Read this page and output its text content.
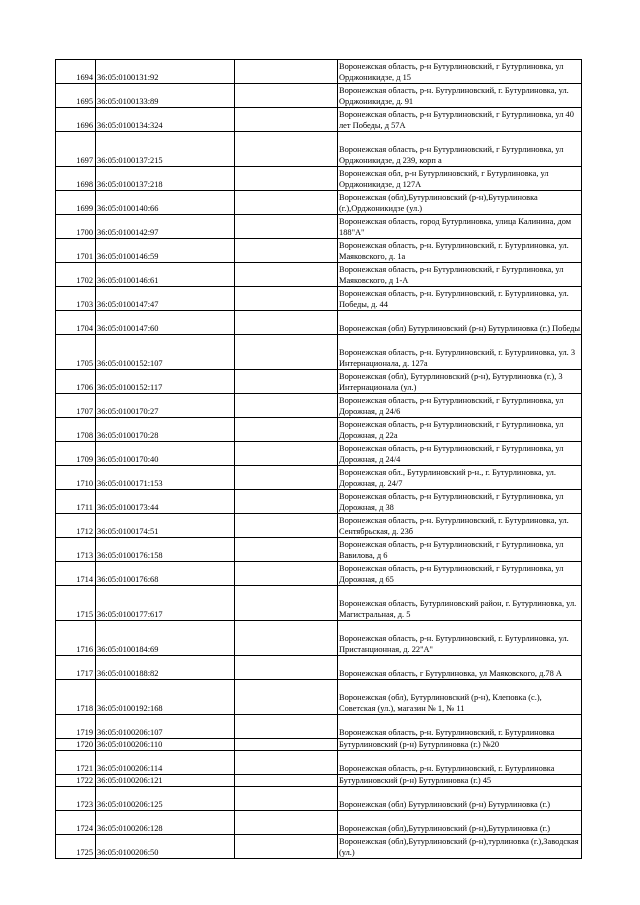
1694	36:05:0100131:92		Воронежская область, р-н Бутурлиновский, г Бутурлиновка, ул Орджоникидзе, д 15
1695	36:05:0100133:89		Воронежская область, р-н. Бутурлиновский, г. Бутурлиновка, ул. Орджоникидзе, д. 91
1696	36:05:0100134:324		Воронежская область, р-н Бутурлиновский, г Бутурлиновка, ул 40 лет Победы, д 57А
1697	36:05:0100137:215		Воронежская область, р-н Бутурлиновский, г Бутурлиновка, ул Орджоникидзе, д 239, корп а
1698	36:05:0100137:218		Воронежская обл, р-н Бутурлиновский, г Бутурлиновка, ул Орджоникидзе, д 127А
1699	36:05:0100140:66		Воронежская (обл),Бутурлиновский (р-н),Бутурлиновка (г.),Орджоникидзе (ул.)
1700	36:05:0100142:97		Воронежская область, город Бутурлиновка, улица Калинина, дом 188"А"
1701	36:05:0100146:59		Воронежская область, р-н. Бутурлиновский, г. Бутурлиновка, ул. Маяковского, д. 1а
1702	36:05:0100146:61		Воронежская область, р-н Бутурлиновский, г Бутурлиновка, ул Маяковского, д 1-А
1703	36:05:0100147:47		Воронежская область, р-н. Бутурлиновский, г. Бутурлиновка, ул. Победы, д. 44
1704	36:05:0100147:60		Воронежская (обл) Бутурлиновский (р-н) Бутурлиновка (г.) Победы
1705	36:05:0100152:107		Воронежская область, р-н. Бутурлиновский, г. Бутурлиновка, ул. 3 Интернационала, д. 127а
1706	36:05:0100152:117		Воронежская (обл), Бутурлиновский (р-н), Бутурлиновка (г.), 3 Интернационала (ул.)
1707	36:05:0100170:27		Воронежская область, р-н Бутурлиновский, г Бутурлиновка, ул Дорожная, д 24/6
1708	36:05:0100170:28		Воронежская область, р-н Бутурлиновский, г Бутурлиновка, ул Дорожная, д 22а
1709	36:05:0100170:40		Воронежская область, р-н Бутурлиновский, г Бутурлиновка, ул Дорожная, д 24/4
1710	36:05:0100171:153		Воронежская обл., Бутурлиновский р-н., г. Бутурлиновка, ул. Дорожная, д. 24/7
1711	36:05:0100173:44		Воронежская область, р-н Бутурлиновский, г Бутурлиновка, ул Дорожная, д 38
1712	36:05:0100174:51		Воронежская область, р-н. Бутурлиновский, г. Бутурлиновка, ул. Сентябрьская, д. 23б
1713	36:05:0100176:158		Воронежская область, р-н Бутурлиновский, г Бутурлиновка, ул Вавилова, д 6
1714	36:05:0100176:68		Воронежская область, р-н Бутурлиновский, г Бутурлиновка, ул Дорожная, д 65
1715	36:05:0100177:617		Воронежская область, Бутурлиновский район, г. Бутурлиновка, ул. Магистральная, д. 5
1716	36:05:0100184:69		Воронежская область, р-н. Бутурлиновский, г. Бутурлиновка, ул. Пристанционная, д. 22"А"
1717	36:05:0100188:82		Воронежская область, г Бутурлиновка, ул Маяковского, д.78 А
1718	36:05:0100192:168		Воронежская (обл), Бутурлиновский (р-н), Клеповка (с.), Советская (ул.), магазин № 1, № 11
1719	36:05:0100206:107		Воронежская область, р-н. Бутурлиновский, г. Бутурлиновка
1720	36:05:0100206:110		Бутурлиновский (р-н) Бутурлиновка (г.) №20
1721	36:05:0100206:114		Воронежская область, р-н. Бутурлиновский, г. Бутурлиновка
1722	36:05:0100206:121		Бутурлиновский (р-н) Бутурлиновка (г.) 45
1723	36:05:0100206:125		Воронежская (обл) Бутурлиновский (р-н) Бутурлиновка (г.)
1724	36:05:0100206:128		Воронежская (обл),Бутурлиновский (р-н),Бутурлиновка (г.)
1725	36:05:0100206:50		Воронежская (обл),Бутурлиновский (р-н),турлиновка (г.),Заводская (ул.)
